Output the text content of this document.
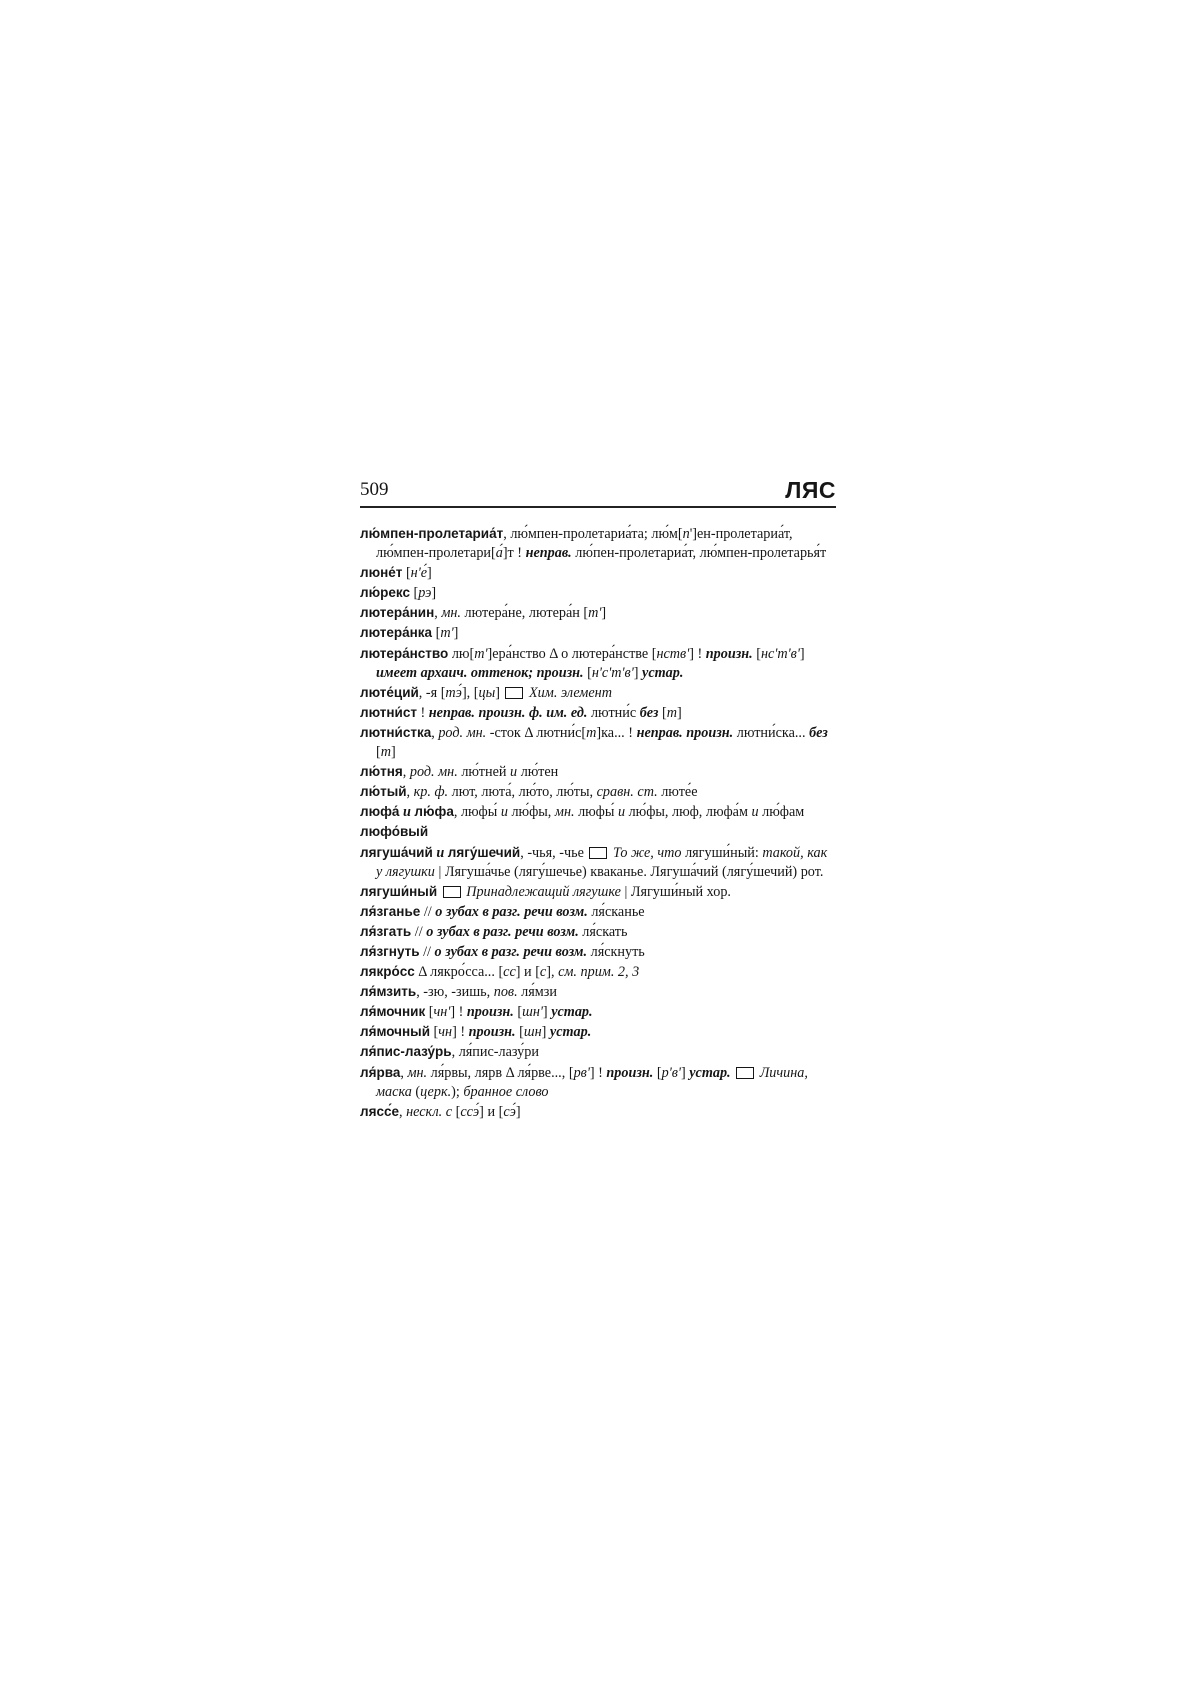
509	ЛЯС

лю́мпен-пролетариа́т, лю́мпен-пролетариа́та; лю́м[п']ен-пролетариа́т, лю́мпен-пролетари[а́]т ! неправ. лю́пен-пролетариа́т, лю́мпен-пролетарья́т

люне́т [н'е́]

лю́рекс [рэ]

лютера́нин, мн. лютера́не, лютера́н [т']

лютера́нка [т']

лютера́нство лю[т']ера́нство Δ о лютера́нстве [нств'] ! произн. [нс'т'в'] имеет архаич. оттенок; произн. [н'с'т'в'] устар.

люте́ций, -я [тэ́], [цы]  Хим. элемент

лютни́ст ! неправ. произн. ф. им. ед. лютни́с без [т]

лютни́стка, род. мн. -сток Δ лютни́с[т]ка... ! неправ. произн. лютни́ска... без [т]

лю́тня, род. мн. лю́тней и лю́тен

лю́тый, кр. ф. лют, люта́, лю́то, лю́ты, сравн. ст. люте́е

люфа́ и лю́фа, люфы́ и лю́фы, мн. люфы́ и лю́фы, люф, люфа́м и лю́фам

люфо́вый

лягуша́чий и лягу́шечий, -чья, -чье  То же, что лягуши́ный: такой, как у лягушки | Лягуша́чье (лягу́шечье) кваканье. Лягуша́чий (лягу́шечий) рот.

лягуши́ный Принадлежащий лягушке | Лягуши́ный хор.

ля́зганье // о зубах в разг. речи возм. ля́сканье

ля́згать // о зубах в разг. речи возм. ля́скать

ля́згнуть // о зубах в разг. речи возм. ля́скнуть

лякро́сс Δ лякро́сса... [сс] и [с], см. прим. 2, 3

ля́мзить, -зю, -зишь, пов. ля́мзи

ля́мочник [чн'] ! произн. [шн'] устар.

ля́мочный [чн] ! произн. [шн] устар.

ля́пис-лазу́рь, ля́пис-лазу́ри

ля́рва, мн. ля́рвы, лярв Δ ля́рве..., [рв'] ! произн. [р'в'] устар. Личина, маска (церк.); бранное слово

лясс́е, нескл. с [ссэ́] и [сэ́]
